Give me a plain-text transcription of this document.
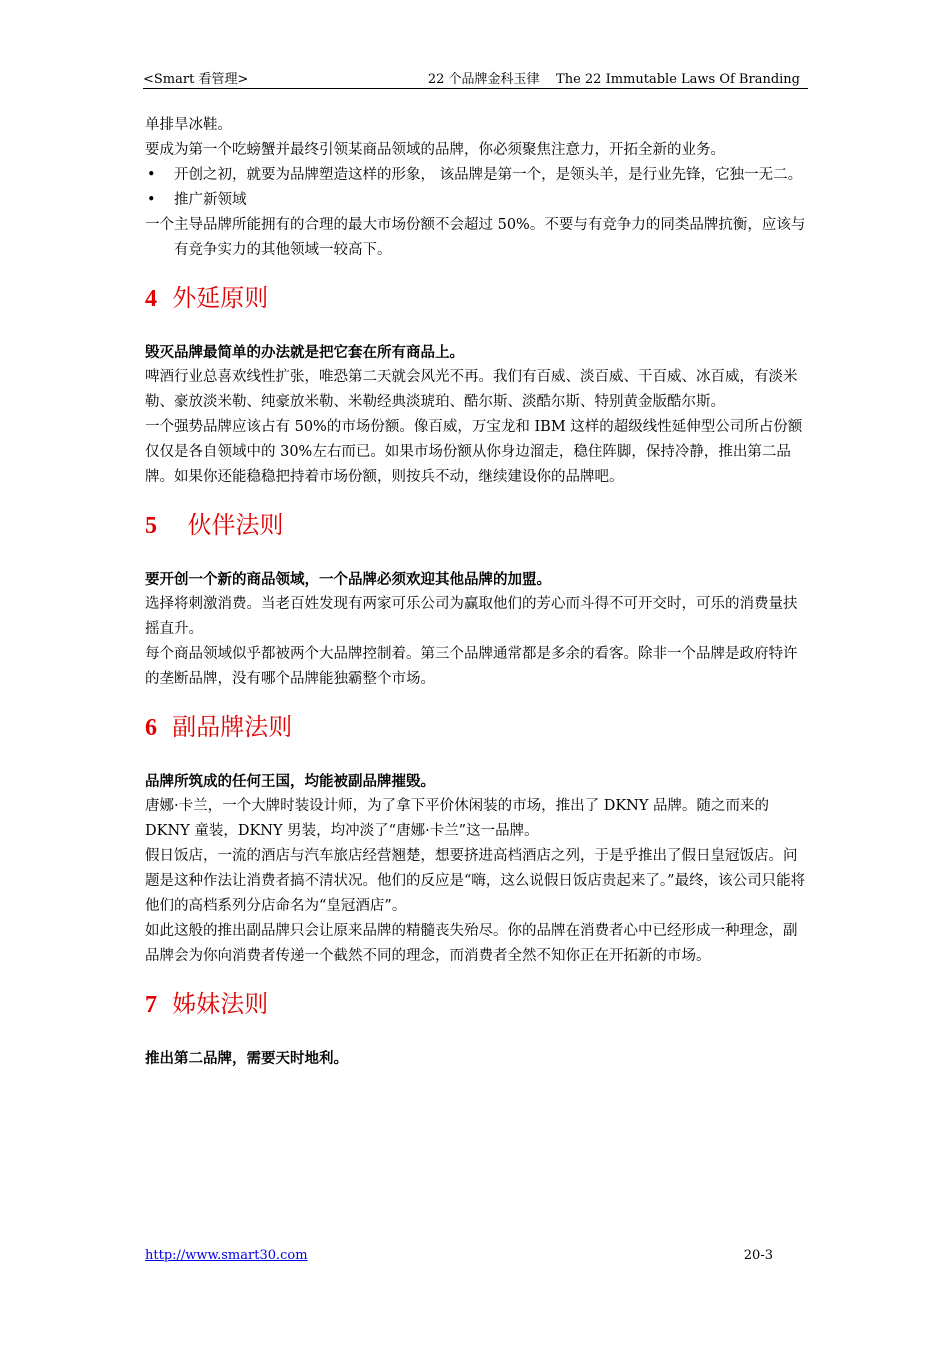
<Smart 看管理>	22 个品牌金科玉律    The 22 Immutable Laws Of Branding

单排旱冰鞋。

要成为第一个吃螃蟹并最终引领某商品领域的品牌，你必须聚焦注意力，开拓全新的业务。

• 开创之初，就要为品牌塑造这样的形象， 该品牌是第一个，是领头羊，是行业先锋，它独一无二。

• 推广新领域

一个主导品牌所能拥有的合理的最大市场份额不会超过 50%。不要与有竞争力的同类品牌抗衡，应该与有竞争实力的其他领域一较高下。

4 外延原则

毁灭品牌最简单的办法就是把它套在所有商品上。

啤酒行业总喜欢线性扩张，唯恐第二天就会风光不再。我们有百威、淡百威、干百威、冰百威，有淡米勒、豪放淡米勒、纯豪放米勒、米勒经典淡琥珀、酷尔斯、淡酷尔斯、特别黄金版酷尔斯。

一个强势品牌应该占有 50%的市场份额。像百威，万宝龙和 IBM 这样的超级线性延伸型公司所占份额仅仅是各自领域中的 30%左右而已。如果市场份额从你身边溜走，稳住阵脚，保持冷静，推出第二品牌。如果你还能稳稳把持着市场份额，则按兵不动，继续建设你的品牌吧。

5 伙伴法则

要开创一个新的商品领域，一个品牌必须欢迎其他品牌的加盟。

选择将刺激消费。当老百姓发现有两家可乐公司为赢取他们的芳心而斗得不可开交时，可乐的消费量扶摇直升。

每个商品领域似乎都被两个大品牌控制着。第三个品牌通常都是多余的看客。除非一个品牌是政府特许的垄断品牌，没有哪个品牌能独霸整个市场。

6 副品牌法则

品牌所筑成的任何王国，均能被副品牌摧毁。

唐娜·卡兰，一个大牌时装设计师，为了拿下平价休闲装的市场，推出了 DKNY 品牌。随之而来的 DKNY 童装，DKNY 男装，均冲淡了“唐娜·卡兰”这一品牌。

假日饭店，一流的酒店与汽车旅店经营翘楚，想要挤进高档酒店之列，于是乎推出了假日皇冠饭店。问题是这种作法让消费者搞不清状况。他们的反应是“嗨，这么说假日饭店贵起来了。”最终，该公司只能将他们的高档系列分店命名为“皇冠酒店”。

如此这般的推出副品牌只会让原来品牌的精髓丧失殆尽。你的品牌在消费者心中已经形成一种理念，副品牌会为你向消费者传递一个截然不同的理念，而消费者全然不知你正在开拓新的市场。

7 姊妹法则

推出第二品牌，需要天时地利。

http://www.smart30.com	20-3
